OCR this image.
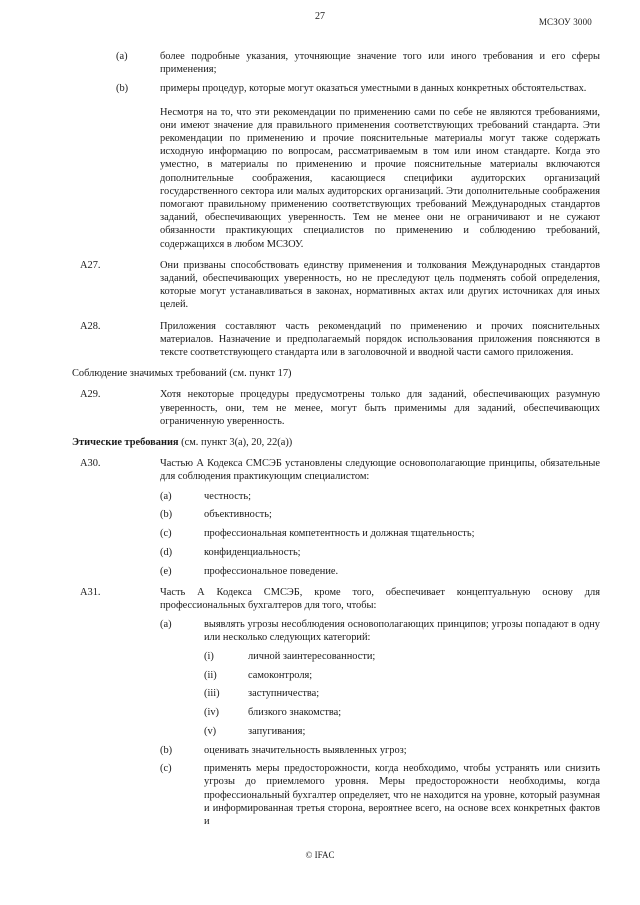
27	МСЗОУ 3000
(a)	более подробные указания, уточняющие значение того или иного требования и его сферы применения;
(b)	примеры процедур, которые могут оказаться уместными в данных конкретных обстоятельствах.

Несмотря на то, что эти рекомендации по применению сами по себе не являются требованиями, они имеют значение для правильного применения соответствующих требований стандарта. Эти рекомендации по применению и прочие пояснительные материалы могут также содержать исходную информацию по вопросам, рассматриваемым в том или ином стандарте. Когда это уместно, в материалы по применению и прочие пояснительные материалы включаются дополнительные соображения, касающиеся специфики аудиторских организаций государственного сектора или малых аудиторских организаций. Эти дополнительные соображения помогают правильному применению соответствующих требований Международных стандартов заданий, обеспечивающих уверенность. Тем не менее они не ограничивают и не сужают обязанности практикующих специалистов по применению и соблюдению требований, содержащихся в любом МСЗОУ.

A27.	Они призваны способствовать единству применения и толкования Международных стандартов заданий, обеспечивающих уверенность, но не преследуют цель подменять собой определения, которые могут устанавливаться в законах, нормативных актах или других источниках для иных целей.
A28.	Приложения составляют часть рекомендаций по применению и прочих пояснительных материалов. Назначение и предполагаемый порядок использования приложения поясняются в тексте соответствующего стандарта или в заголовочной и вводной части самого приложения.
Соблюдение значимых требований (см. пункт 17)
A29.	Хотя некоторые процедуры предусмотрены только для заданий, обеспечивающих разумную уверенность, они, тем не менее, могут быть применимы для заданий, обеспечивающих ограниченную уверенность.
Этические требования (см. пункт 3(а), 20, 22(а))
A30.	Частью А Кодекса СМСЭБ установлены следующие основополагающие принципы, обязательные для соблюдения практикующим специалистом:
(a)	честность;
(b)	объективность;
(c)	профессиональная компетентность и должная тщательность;
(d)	конфиденциальность;
(e)	профессиональное поведение.
A31.	Часть А Кодекса СМСЭБ, кроме того, обеспечивает концептуальную основу для профессиональных бухгалтеров для того, чтобы:
(a)	выявлять угрозы несоблюдения основополагающих принципов; угрозы попадают в одну или несколько следующих категорий:
(i)	личной заинтересованности;
(ii)	самоконтроля;
(iii)	заступничества;
(iv)	близкого знакомства;
(v)	запугивания;
(b)	оценивать значительность выявленных угроз;
(c)	применять меры предосторожности, когда необходимо, чтобы устранять или снизить угрозы до приемлемого уровня. Меры предосторожности необходимы, когда профессиональный бухгалтер определяет, что не находится на уровне, который разумная и информированная третья сторона, вероятнее всего, на основе всех конкретных фактов и
© IFAC
